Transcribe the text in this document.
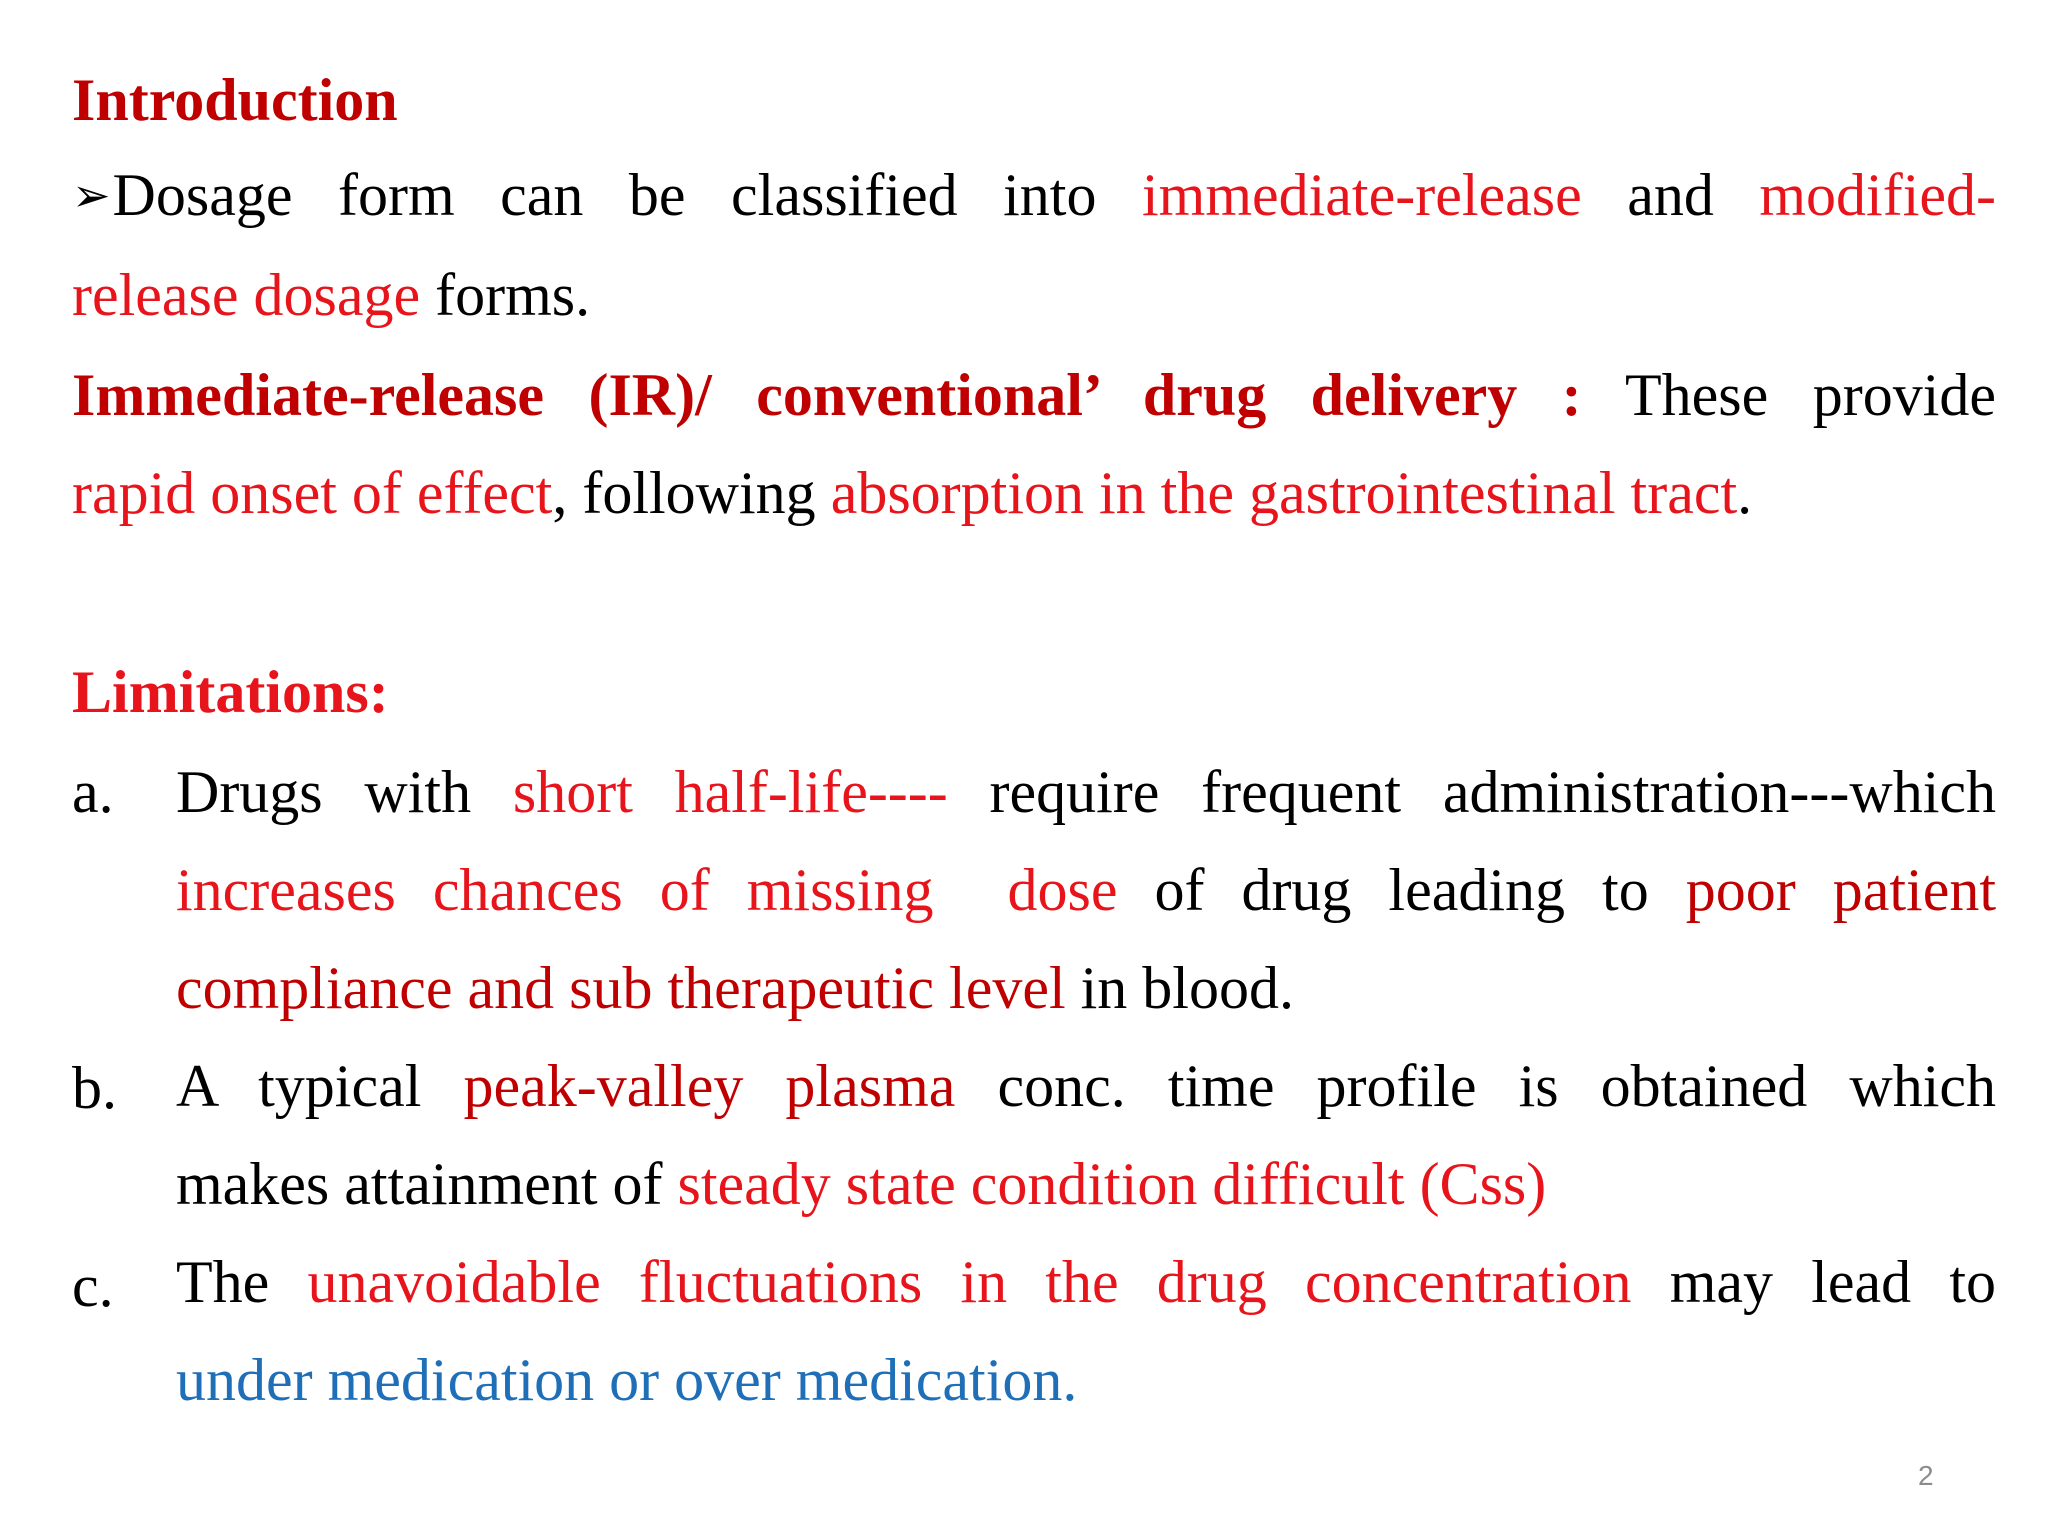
Introduction
➢Dosage form can be classified into immediate-release and modified-
release dosage forms.
Immediate-release (IR)/ conventional’ drug delivery : These provide
rapid onset of effect, following absorption in the gastrointestinal tract.
Limitations:
a. Drugs with short half-life---- require frequent administration---which
increases chances of missing  dose of drug leading to poor patient
compliance and sub therapeutic level in blood.
b. A typical peak-valley plasma conc. time profile is obtained which
makes attainment of steady state condition difficult (Css)
c. The unavoidable fluctuations in the drug concentration may lead to
under medication or over medication.
2
